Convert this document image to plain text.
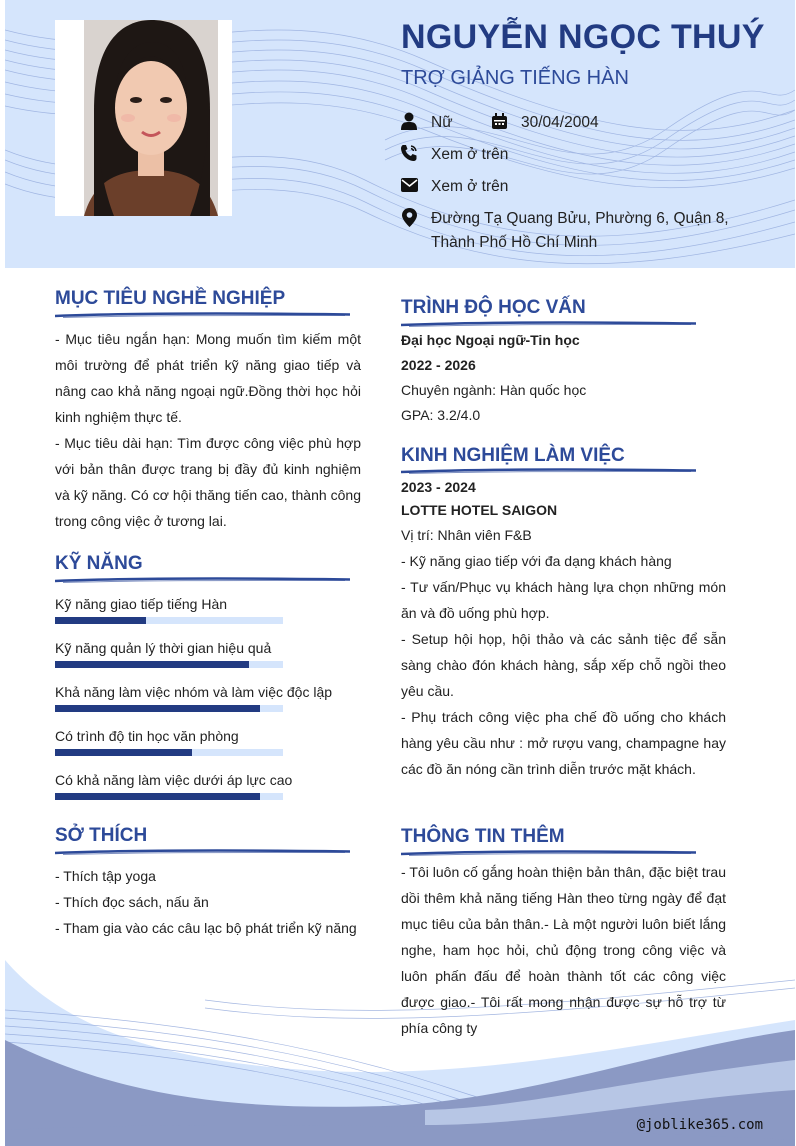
NGUYỄN NGỌC THUÝ
TRỢ GIẢNG TIẾNG HÀN
Nữ	30/04/2004
Xem ở trên
Xem ở trên
Đường Tạ Quang Bửu, Phường 6, Quận 8,
Thành Phố Hồ Chí Minh
MỤC TIÊU NGHỀ NGHIỆP
- Mục tiêu ngắn hạn: Mong muốn tìm kiếm một môi trường để phát triển kỹ năng giao tiếp và nâng cao khả năng ngoại ngữ.Đồng thời học hỏi kinh nghiệm thực tế.
- Mục tiêu dài hạn: Tìm được công việc phù hợp với bản thân được trang bị đầy đủ kinh nghiệm và kỹ năng. Có cơ hội thăng tiến cao, thành công trong công việc ở tương lai.
KỸ NĂNG
Kỹ năng giao tiếp tiếng Hàn
Kỹ năng quản lý thời gian hiệu quả
Khả năng làm việc nhóm và làm việc độc lập
Có trình độ tin học văn phòng
Có khả năng làm việc dưới áp lực cao
SỞ THÍCH
- Thích tập yoga
- Thích đọc sách, nấu ăn
- Tham gia vào các câu lạc bộ phát triển kỹ năng
TRÌNH ĐỘ HỌC VẤN
Đại học Ngoại ngữ-Tin học
2022 - 2026
Chuyên ngành: Hàn quốc học
GPA: 3.2/4.0
KINH NGHIỆM LÀM VIỆC
2023 - 2024
LOTTE HOTEL SAIGON
Vị trí: Nhân viên F&B
- Kỹ năng giao tiếp với đa dạng khách hàng
- Tư vấn/Phục vụ khách hàng lựa chọn những món ăn và đồ uống phù hợp.
- Setup hội họp, hội thảo và các sảnh tiệc để sẵn sàng chào đón khách hàng, sắp xếp chỗ ngồi theo yêu cầu.
- Phụ trách công việc pha chế đồ uống cho khách hàng yêu cầu như : mở rượu vang, champagne hay các đồ ăn nóng cần trình diễn trước mặt khách.
THÔNG TIN THÊM
- Tôi luôn cố gắng hoàn thiện bản thân, đặc biệt trau dồi thêm khả năng tiếng Hàn theo từng ngày để đạt mục tiêu của bản thân.- Là một người luôn biết lắng nghe, ham học hỏi, chủ động trong công việc và luôn phấn đấu để hoàn thành tốt các công việc được giao.- Tôi rất mong nhận được sự hỗ trợ từ phía công ty
@joblike365.com
